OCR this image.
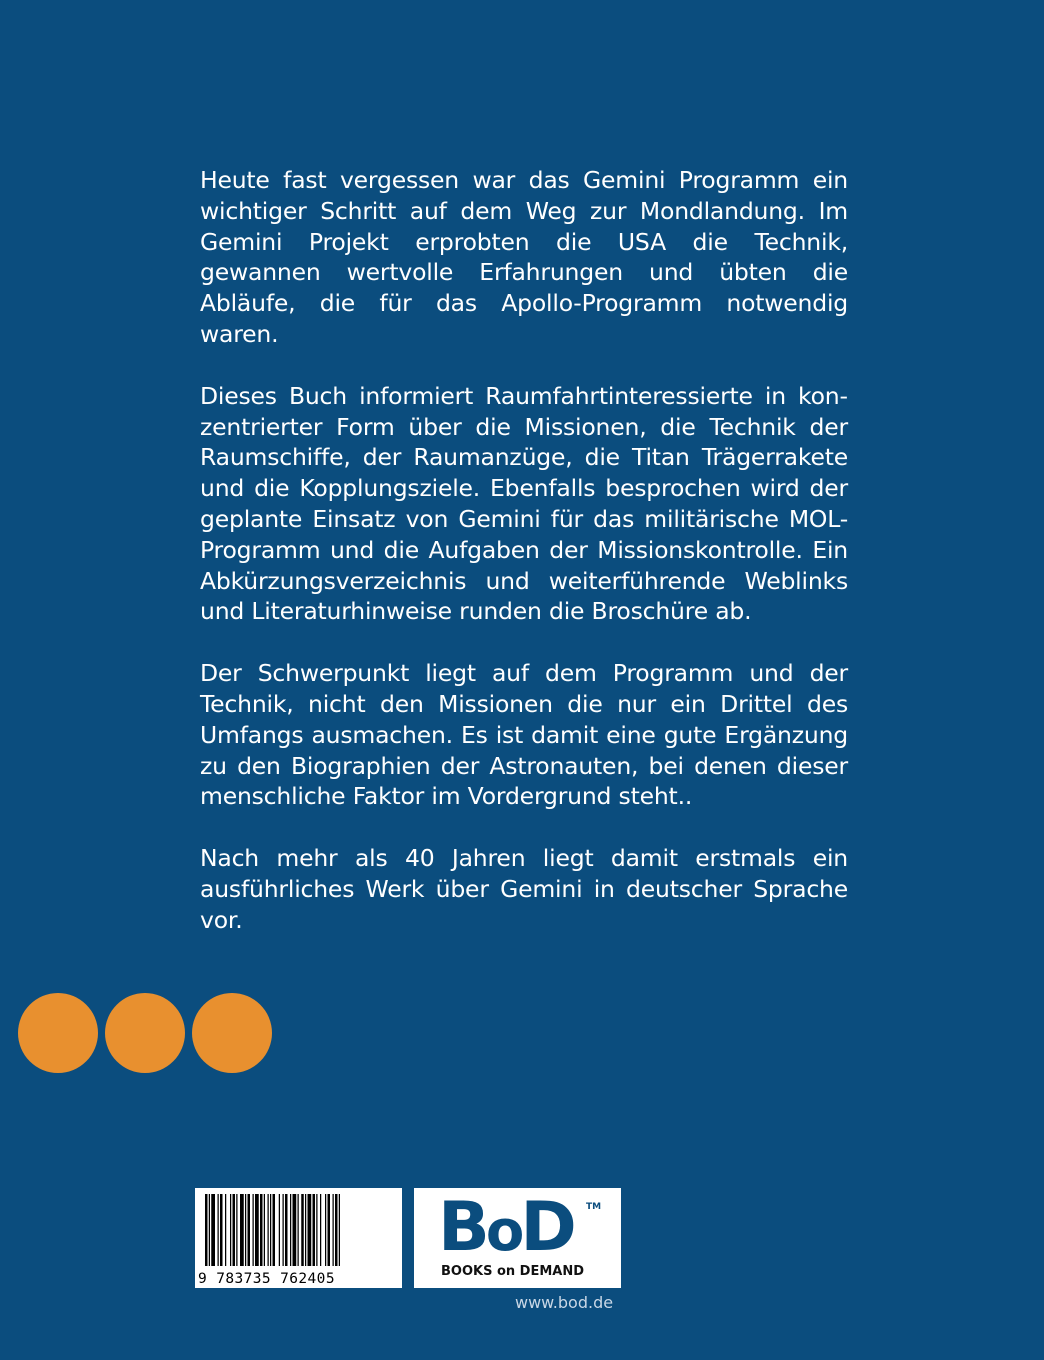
Heute fast vergessen war das Gemini Programm ein wichtiger Schritt auf dem Weg zur Mondlandung. Im Gemini Projekt erprobten die USA die Technik, gewannen wertvolle Erfahrungen und übten die Abläufe, die für das Apollo-Programm notwendig waren.

Dieses Buch informiert Raumfahrtinteressierte in konzentrierter Form über die Missionen, die Technik der Raumschiffe, der Raumanzüge, die Titan Trägerrakete und die Kopplungsziele. Ebenfalls besprochen wird der geplante Einsatz von Gemini für das militärische MOL-Programm und die Aufgaben der Missionskontrolle. Ein Abkürzungsverzeichnis und weiterführende Weblinks und Literaturhinweise runden die Broschüre ab.

Der Schwerpunkt liegt auf dem Programm und der Technik, nicht den Missionen die nur ein Drittel des Umfangs ausmachen. Es ist damit eine gute Ergänzung zu den Biographien der Astronauten, bei denen dieser menschliche Faktor im Vordergrund steht..

Nach mehr als 40 Jahren liegt damit erstmals ein ausführliches Werk über Gemini in deutscher Sprache vor.

9 783735 762405
BoD TM
BOOKS on DEMAND
www.bod.de
